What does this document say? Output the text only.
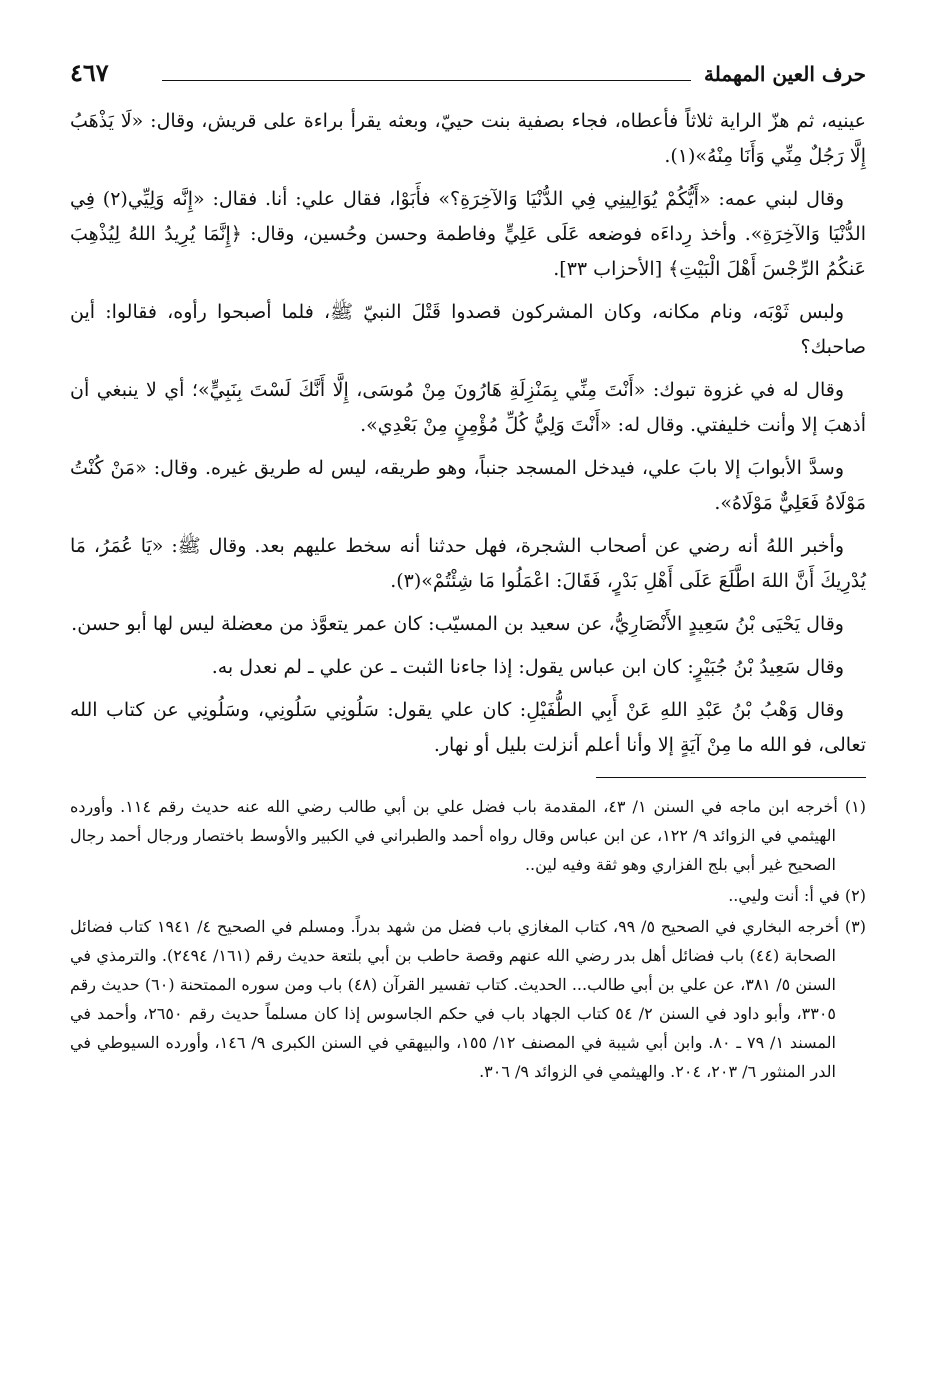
حرف العين المهملة
٤٦٧

عينيه، ثم هزّ الراية ثلاثاً فأعطاه، فجاء بصفية بنت حييّ، وبعثه يقرأ براءة على قريش، وقال: «لَا يَذْهَبُ إِلَّا رَجُلٌ مِنِّي وَأَنَا مِنْهُ»(١).

وقال لبني عمه: «أَيُّكُمْ يُوَالِينِي فِي الدُّنْيَا وَالآخِرَةِ؟» فأَبَوْا، فقال علي: أنا. فقال: «إِنَّه وَلِيِّي(٢) فِي الدُّنْيَا وَالآخِرَةِ». وأخذ رِداءَه فوضعه عَلَى عَلِيٍّ وفاطمة وحسن وحُسين، وقال: ﴿إِنَّمَا يُرِيدُ اللهُ لِيُذْهِبَ عَنكُمُ الرِّجْسَ أَهْلَ الْبَيْتِ﴾ [الأحزاب ٣٣].

ولبس ثَوْبَه، ونام مكانه، وكان المشركون قصدوا قَتْلَ النبيّ ﷺ، فلما أصبحوا رأوه، فقالوا: أين صاحبك؟

وقال له في غزوة تبوك: «أَنْتَ مِنِّي بِمَنْزِلَةِ هَارُونَ مِنْ مُوسَى، إِلَّا أَنَّكَ لَسْتَ بِنَبِيٍّ»؛ أي لا ينبغي أن أذهبَ إلا وأنت خليفتي. وقال له: «أَنْتَ وَلِيُّ كُلِّ مُؤْمِنٍ مِنْ بَعْدِي».

وسدَّ الأبوابَ إلا بابَ علي، فيدخل المسجد جنباً، وهو طريقه، ليس له طريق غيره. وقال: «مَنْ كُنْتُ مَوْلَاهُ فَعَلِيٌّ مَوْلَاهُ».

وأخبر اللهُ أنه رضي عن أصحاب الشجرة، فهل حدثنا أنه سخط عليهم بعد. وقال ﷺ: «يَا عُمَرُ، مَا يُدْرِيكَ أَنَّ اللهَ اطَّلَعَ عَلَى أَهْلِ بَدْرٍ، فَقَالَ: اعْمَلُوا مَا شِئْتُمْ»(٣).

وقال يَحْيَى بْنُ سَعِيدٍ الأَنْصَارِيُّ، عن سعيد بن المسيّب: كان عمر يتعوَّذ من معضلة ليس لها أبو حسن.

وقال سَعِيدُ بْنُ جُبَيْرٍ: كان ابن عباس يقول: إذا جاءنا الثبت ـ عن علي ـ لم نعدل به.

وقال وَهْبُ بْنُ عَبْدِ اللهِ عَنْ أَبِي الطُّفَيْلِ: كان علي يقول: سَلُونِي سَلُونِي، وسَلُونِي عن كتاب الله تعالى، فو الله ما مِنْ آيَةٍ إلا وأنا أعلم أنزلت بليل أو نهار.

(١) أخرجه ابن ماجه في السنن ١/ ٤٣، المقدمة باب فضل علي بن أبي طالب رضي الله عنه حديث رقم ١١٤. وأورده الهيثمي في الزوائد ٩/ ١٢٢، عن ابن عباس وقال رواه أحمد والطبراني في الكبير والأوسط باختصار ورجال أحمد رجال الصحيح غير أبي بلج الفزاري وهو ثقة وفيه لين..

(٢) في أ: أنت وليي..

(٣) أخرجه البخاري في الصحيح ٥/ ٩٩، كتاب المغازي باب فضل من شهد بدراً. ومسلم في الصحيح ٤/ ١٩٤١ كتاب فضائل الصحابة (٤٤) باب فضائل أهل بدر رضي الله عنهم وقصة حاطب بن أبي بلتعة حديث رقم (١٦١/ ٢٤٩٤). والترمذي في السنن ٥/ ٣٨١، عن علي بن أبي طالب... الحديث. كتاب تفسير القرآن (٤٨) باب ومن سوره الممتحنة (٦٠) حديث رقم ٣٣٠٥، وأبو داود في السنن ٢/ ٥٤ كتاب الجهاد باب في حكم الجاسوس إذا كان مسلماً حديث رقم ٢٦٥٠، وأحمد في المسند ١/ ٧٩ ـ ٨٠. وابن أبي شيبة في المصنف ١٢/ ١٥٥، والبيهقي في السنن الكبرى ٩/ ١٤٦، وأورده السيوطي في الدر المنثور ٦/ ٢٠٣، ٢٠٤. والهيثمي في الزوائد ٩/ ٣٠٦.
